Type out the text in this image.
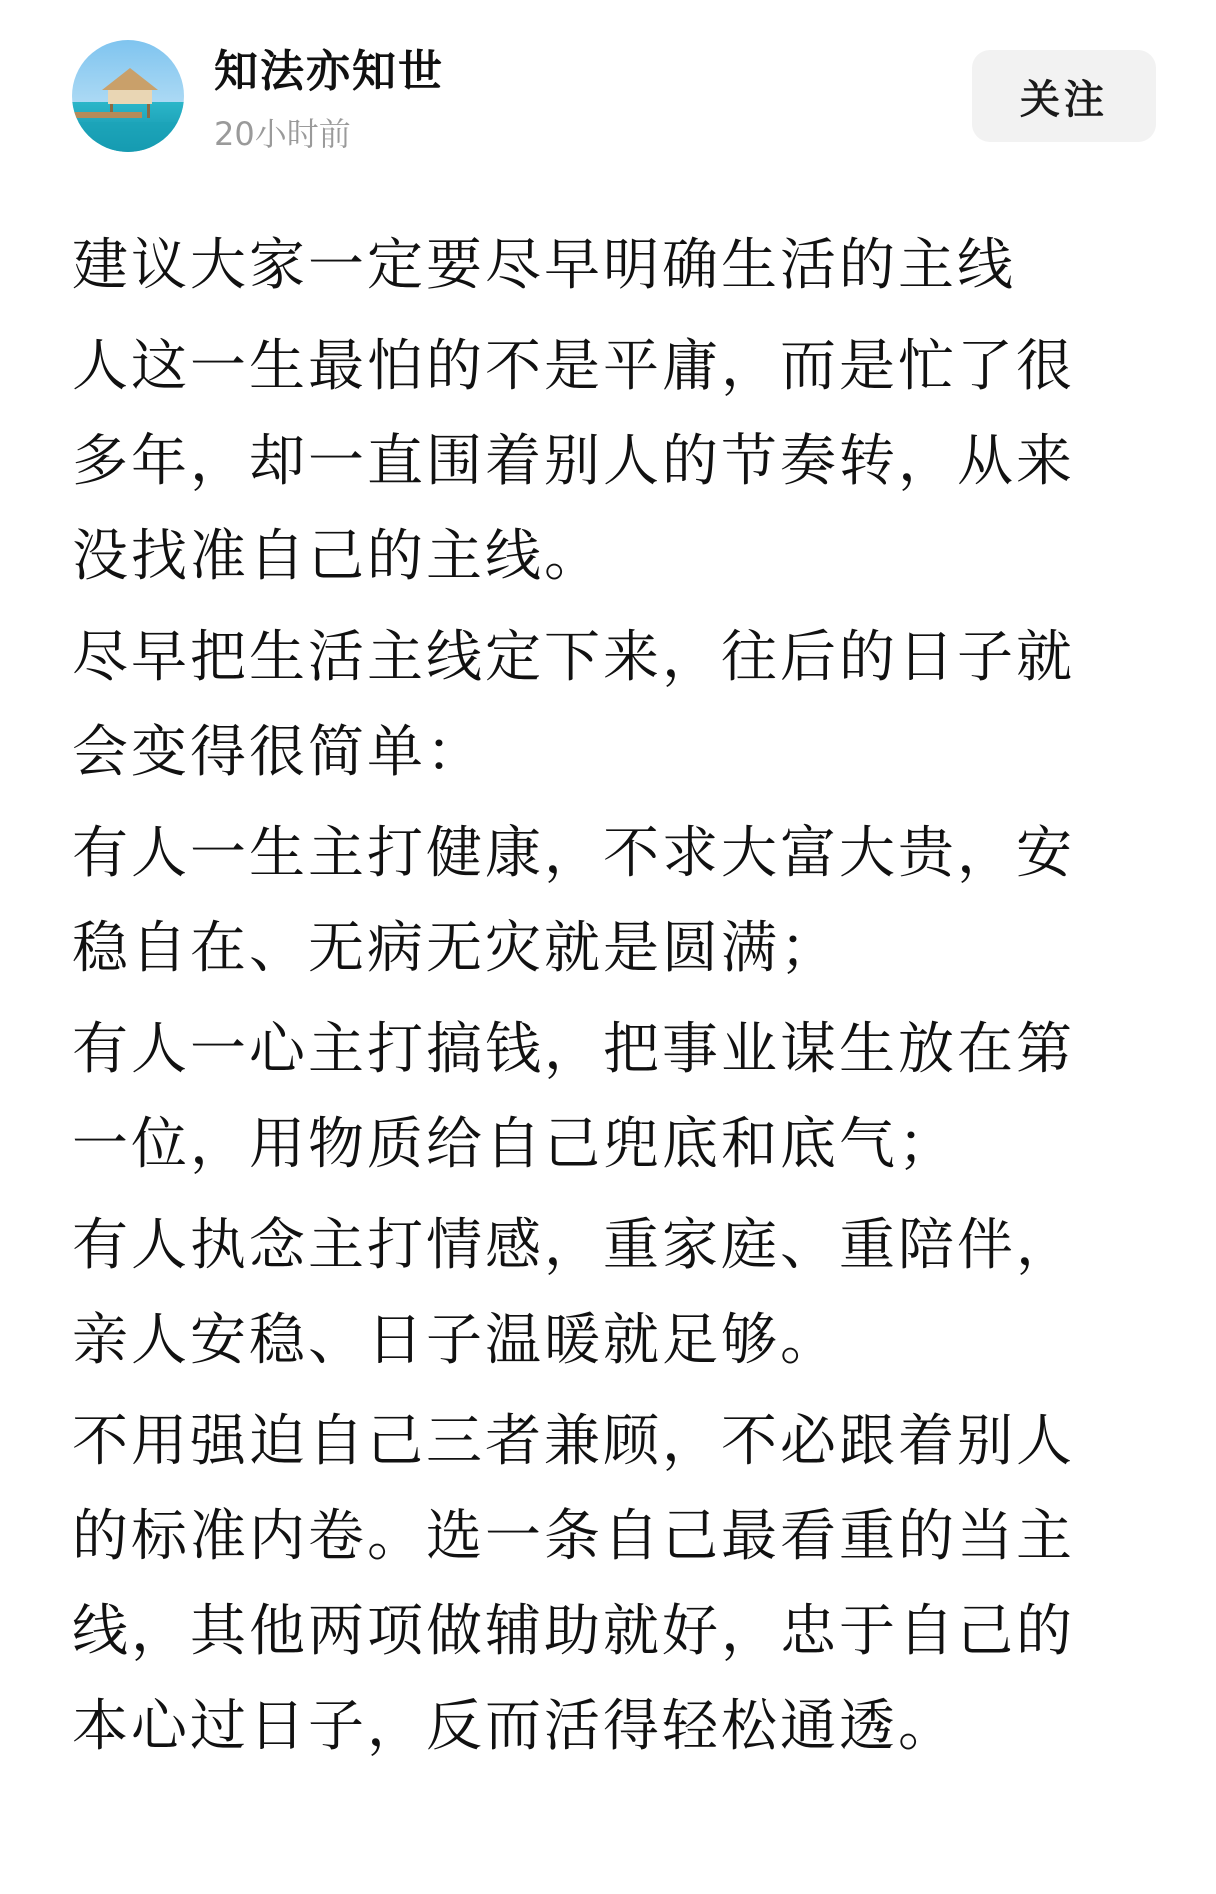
知法亦知世
20小时前
关注

建议大家一定要尽早明确生活的主线

人这一生最怕的不是平庸，而是忙了很多年，却一直围着别人的节奏转，从来没找准自己的主线。

尽早把生活主线定下来，往后的日子就会变得很简单：

有人一生主打健康，不求大富大贵，安稳自在、无病无灾就是圆满；

有人一心主打搞钱，把事业谋生放在第一位，用物质给自己兜底和底气；

有人执念主打情感，重家庭、重陪伴，亲人安稳、日子温暖就足够。

不用强迫自己三者兼顾，不必跟着别人的标准内卷。选一条自己最看重的当主线，其他两项做辅助就好，忠于自己的本心过日子，反而活得轻松通透。
